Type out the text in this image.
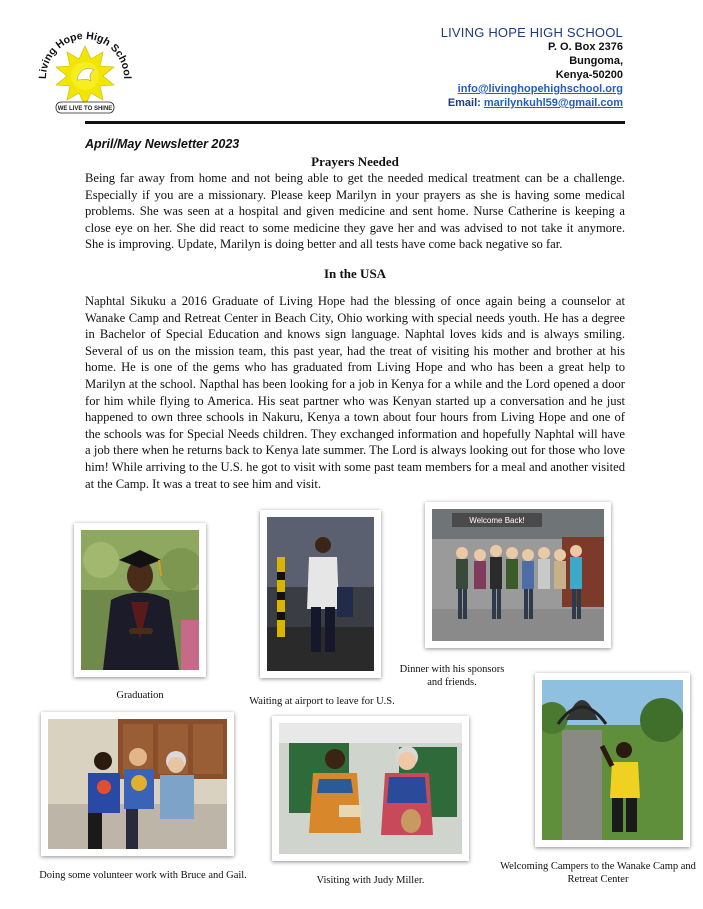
Living Hope High School
WE LIVE TO SHINE
LIVING HOPE HIGH SCHOOL
P. O. Box 2376
Bungoma,
Kenya-50200
info@livinghopehighschool.org
Email: marilynkuhl59@gmail.com
April/May Newsletter 2023
Prayers Needed

Being far away from home and not being able to get the needed medical treatment can be a challenge. Especially if you are a missionary. Please keep Marilyn in your prayers as she is having some medical problems. She was seen at a hospital and given medicine and sent home. Nurse Catherine is keeping a close eye on her. She did react to some medicine they gave her and was advised to not take it anymore. She is improving. Update, Marilyn is doing better and all tests have come back negative so far.

In the USA

Naphtal Sikuku a 2016 Graduate of Living Hope had the blessing of once again being a counselor at Wanake Camp and Retreat Center in Beach City, Ohio working with special needs youth. He has a degree in Bachelor of Special Education and knows sign language. Naphtal loves kids and is always smiling. Several of us on the mission team, this past year, had the treat of visiting his mother and brother at his home. He is one of the gems who has graduated from Living Hope and who has been a great help to Marilyn at the school. Napthal has been looking for a job in Kenya for a while and the Lord opened a door for him while flying to America. His seat partner who was Kenyan started up a conversation and he just happened to own three schools in Nakuru, Kenya a town about four hours from Living Hope and one of the schools was for Special Needs children. They exchanged information and hopefully Naphtal will have a job there when he returns back to Kenya late summer. The Lord is always looking out for those who love him! While arriving to the U.S. he got to visit with some past team members for a meal and another visited at the Camp. It was a treat to see him and visit.

Graduation
Waiting at airport to leave for U.S.
Welcome Back!
Dinner with his sponsors and friends.
Doing some volunteer work with Bruce and Gail.	Visiting with Judy Miller.
Welcoming Campers to the Wanake Camp and Retreat Center
